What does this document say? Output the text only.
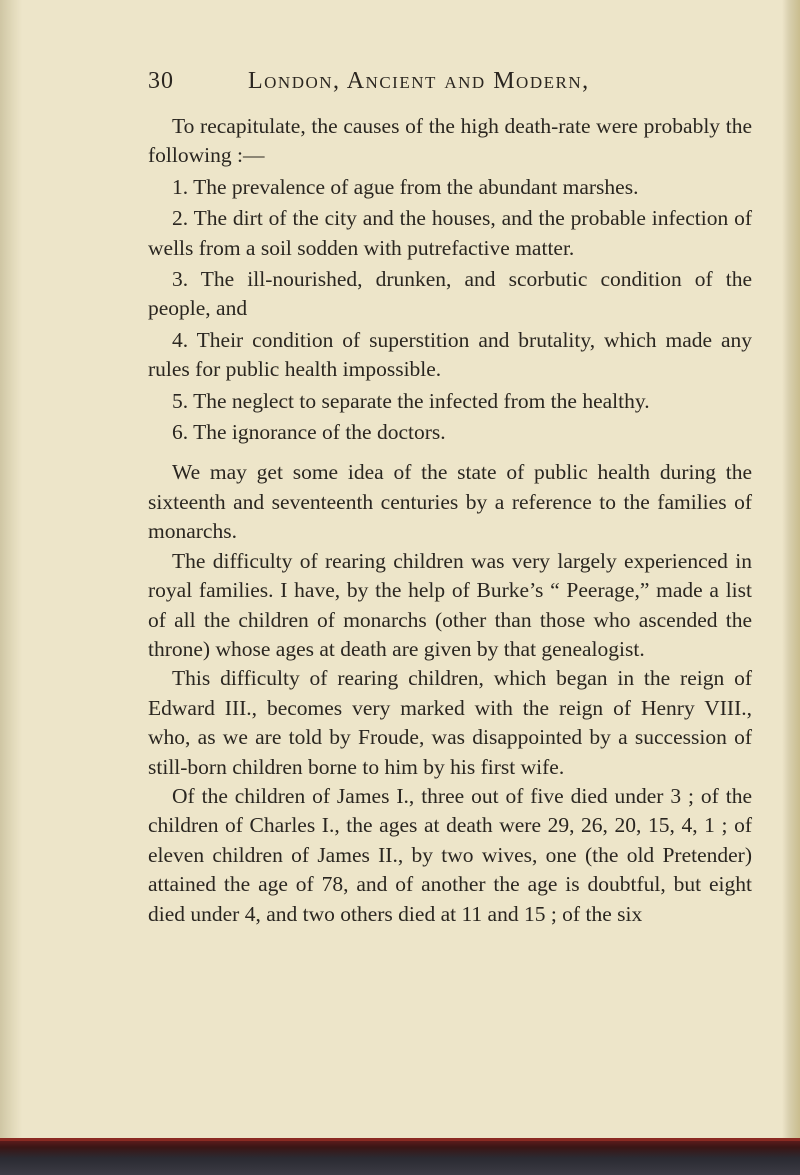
30	London, Ancient and Modern,

To recapitulate, the causes of the high death-rate were probably the following :—

1. The prevalence of ague from the abundant marshes.

2. The dirt of the city and the houses, and the probable infection of wells from a soil sodden with putrefactive matter.

3. The ill-nourished, drunken, and scorbutic condition of the people, and

4. Their condition of superstition and brutality, which made any rules for public health impossible.

5. The neglect to separate the infected from the healthy.

6. The ignorance of the doctors.

We may get some idea of the state of public health during the sixteenth and seventeenth centuries by a reference to the families of monarchs.

The difficulty of rearing children was very largely experienced in royal families. I have, by the help of Burke’s “ Peerage,” made a list of all the children of monarchs (other than those who ascended the throne) whose ages at death are given by that genealogist.

This difficulty of rearing children, which began in the reign of Edward III., becomes very marked with the reign of Henry VIII., who, as we are told by Froude, was disappointed by a succession of still-born children borne to him by his first wife.

Of the children of James I., three out of five died under 3 ; of the children of Charles I., the ages at death were 29, 26, 20, 15, 4, 1 ; of eleven children of James II., by two wives, one (the old Pretender) attained the age of 78, and of another the age is doubtful, but eight died under 4, and two others died at 11 and 15 ; of the six
